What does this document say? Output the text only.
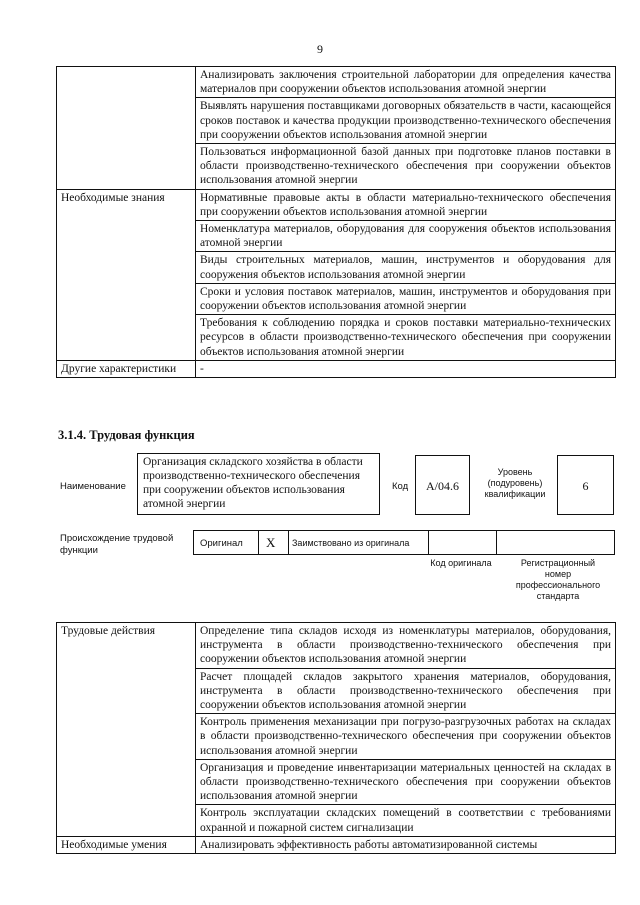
9
	Анализировать заключения строительной лаборатории для определения качества материалов при сооружении объектов использования атомной энергии
	Выявлять нарушения поставщиками договорных обязательств в части, касающейся сроков поставок и качества продукции производственно-технического обеспечения при сооружении объектов использования атомной энергии
	Пользоваться информационной базой данных при подготовке планов поставки в области производственно-технического обеспечения при сооружении объектов использования атомной энергии
Необходимые знания	Нормативные правовые акты в области материально-технического обеспечения при сооружении объектов использования атомной энергии
	Номенклатура материалов, оборудования для сооружения объектов использования атомной энергии
	Виды строительных материалов, машин, инструментов и оборудования для сооружения объектов использования атомной энергии
	Сроки и условия поставок материалов, машин, инструментов и оборудования при сооружении объектов использования атомной энергии
	Требования к соблюдению порядка и сроков поставки материально-технических ресурсов в области производственно-технического обеспечения при сооружении объектов использования атомной энергии
Другие характеристики	-
3.1.4. Трудовая функция
Наименование
Организация складского хозяйства в области производственно-технического обеспечения при сооружении объектов использования атомной энергии
Код	А/04.6
Уровень (подуровень) квалификации
6
Происхождение трудовой функции
Оригинал X Заимствовано из оригинала
Код оригинала	Регистрационный номер профессионального стандарта
Трудовые действия	Определение типа складов исходя из номенклатуры материалов, оборудования, инструмента в области производственно-технического обеспечения при сооружении объектов использования атомной энергии
	Расчет площадей складов закрытого хранения материалов, оборудования, инструмента в области производственно-технического обеспечения при сооружении объектов использования атомной энергии
	Контроль применения механизации при погрузо-разгрузочных работах на складах в области производственно-технического обеспечения при сооружении объектов использования атомной энергии
	Организация и проведение инвентаризации материальных ценностей на складах в области производственно-технического обеспечения при сооружении объектов использования атомной энергии
	Контроль эксплуатации складских помещений в соответствии с требованиями охранной и пожарной систем сигнализации
Необходимые умения	Анализировать эффективность работы автоматизированной системы
